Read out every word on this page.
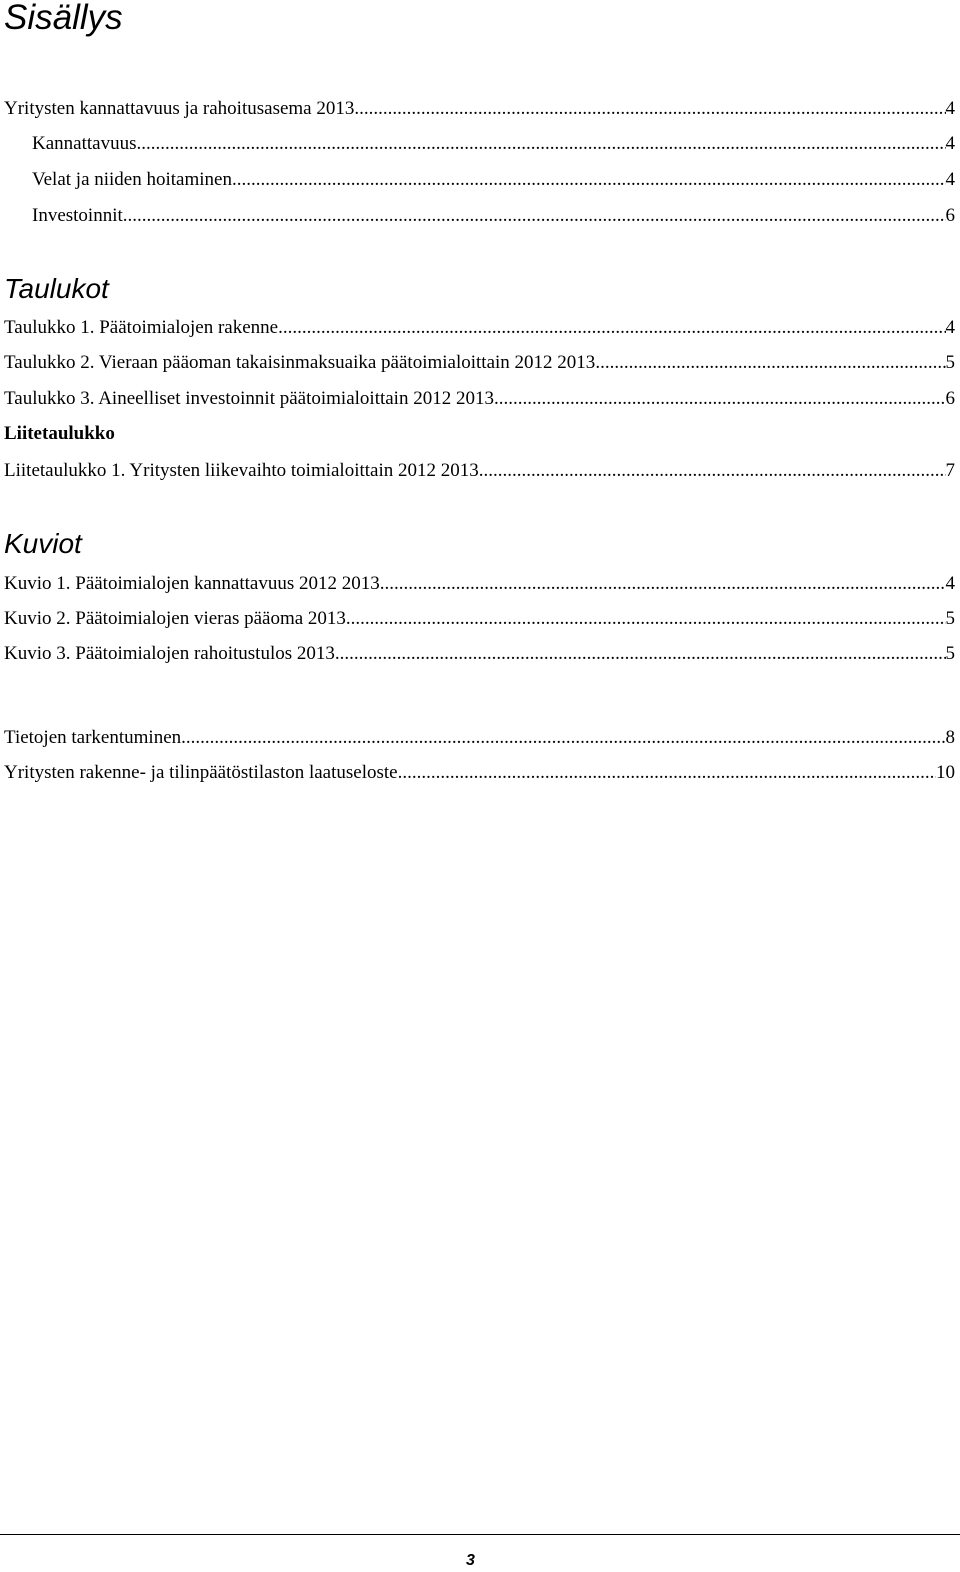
Sisällys
Yritysten kannattavuus ja rahoitusasema 2013 .....	4
Kannattavuus .....	4
Velat ja niiden hoitaminen .....	4
Investoinnit .....	6
Taulukot
Taulukko 1. Päätoimialojen rakenne .....	4
Taulukko 2. Vieraan pääoman takaisinmaksuaika päätoimialoittain 2012 2013 .....	5
Taulukko 3. Aineelliset investoinnit päätoimialoittain 2012 2013 .....	6
Liitetaulukko
Liitetaulukko 1. Yritysten liikevaihto toimialoittain 2012 2013 .....	7
Kuviot
Kuvio 1. Päätoimialojen kannattavuus 2012 2013 .....	4
Kuvio 2. Päätoimialojen vieras pääoma 2013 .....	5
Kuvio 3. Päätoimialojen rahoitustulos 2013 .....	5
Tietojen tarkentuminen .....	8
Yritysten rakenne- ja tilinpäätöstilaston laatuseloste .....	10
3
